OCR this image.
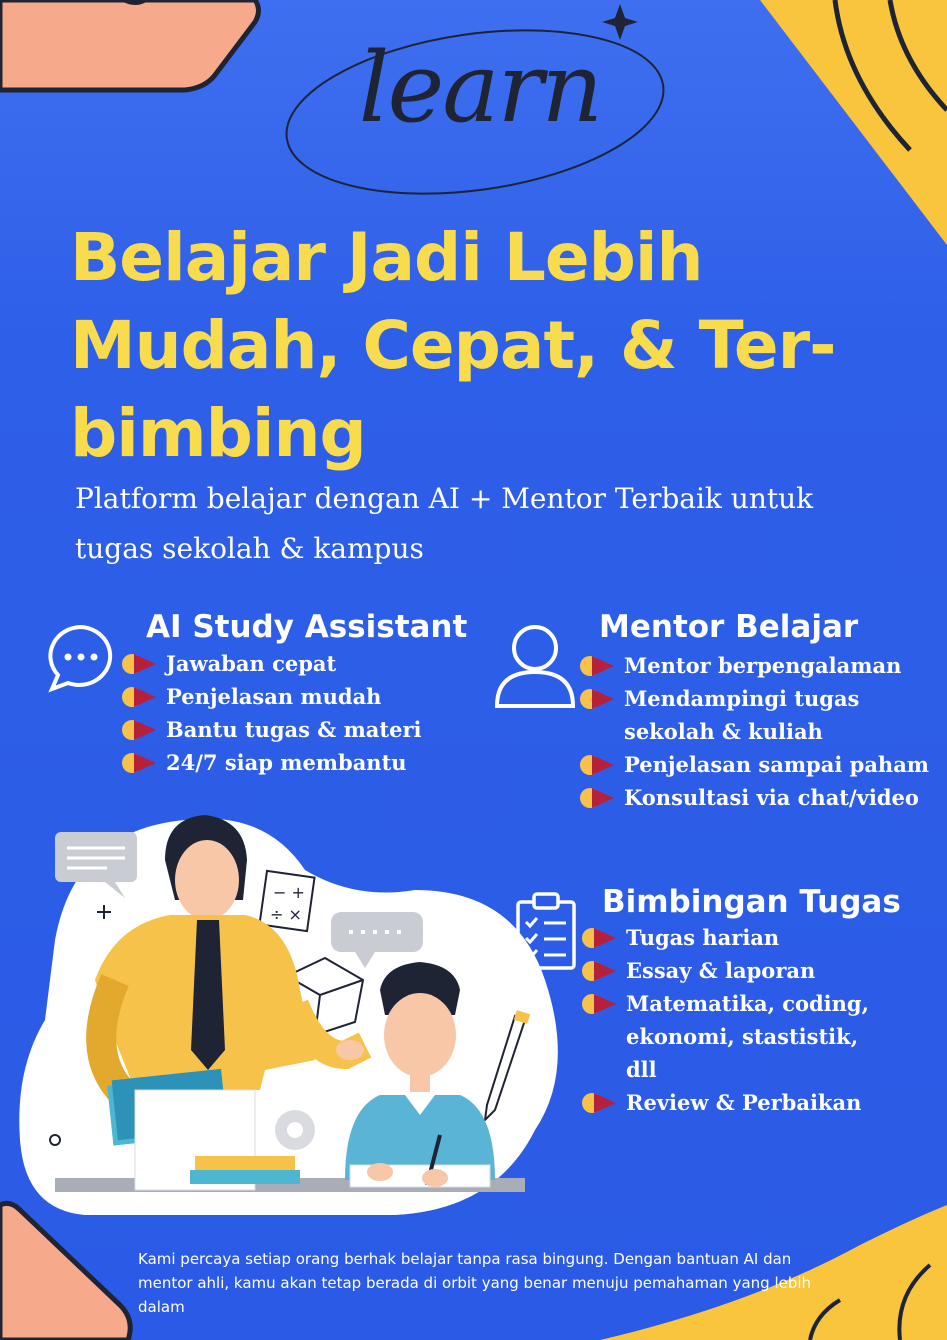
learn
Belajar Jadi Lebih Mudah, Cepat, & Ter-bimbing

Platform belajar dengan AI + Mentor Terbaik untuk tugas sekolah & kampus

AI Study Assistant
Jawaban cepat
Penjelasan mudah
Bantu tugas & materi
24/7 siap membantu
Mentor Belajar
Mentor berpengalaman
Mendampingi tugas sekolah & kuliah
Penjelasan sampai paham
Konsultasi via chat/video
Bimbingan Tugas
Tugas harian
Essay & laporan
Matematika, coding, ekonomi, stastistik, dll
Review & Perbaikan
− +
÷ ×

Kami percaya setiap orang berhak belajar tanpa rasa bingung. Dengan bantuan AI dan mentor ahli, kamu akan tetap berada di orbit yang benar menuju pemahaman yang lebih dalam
